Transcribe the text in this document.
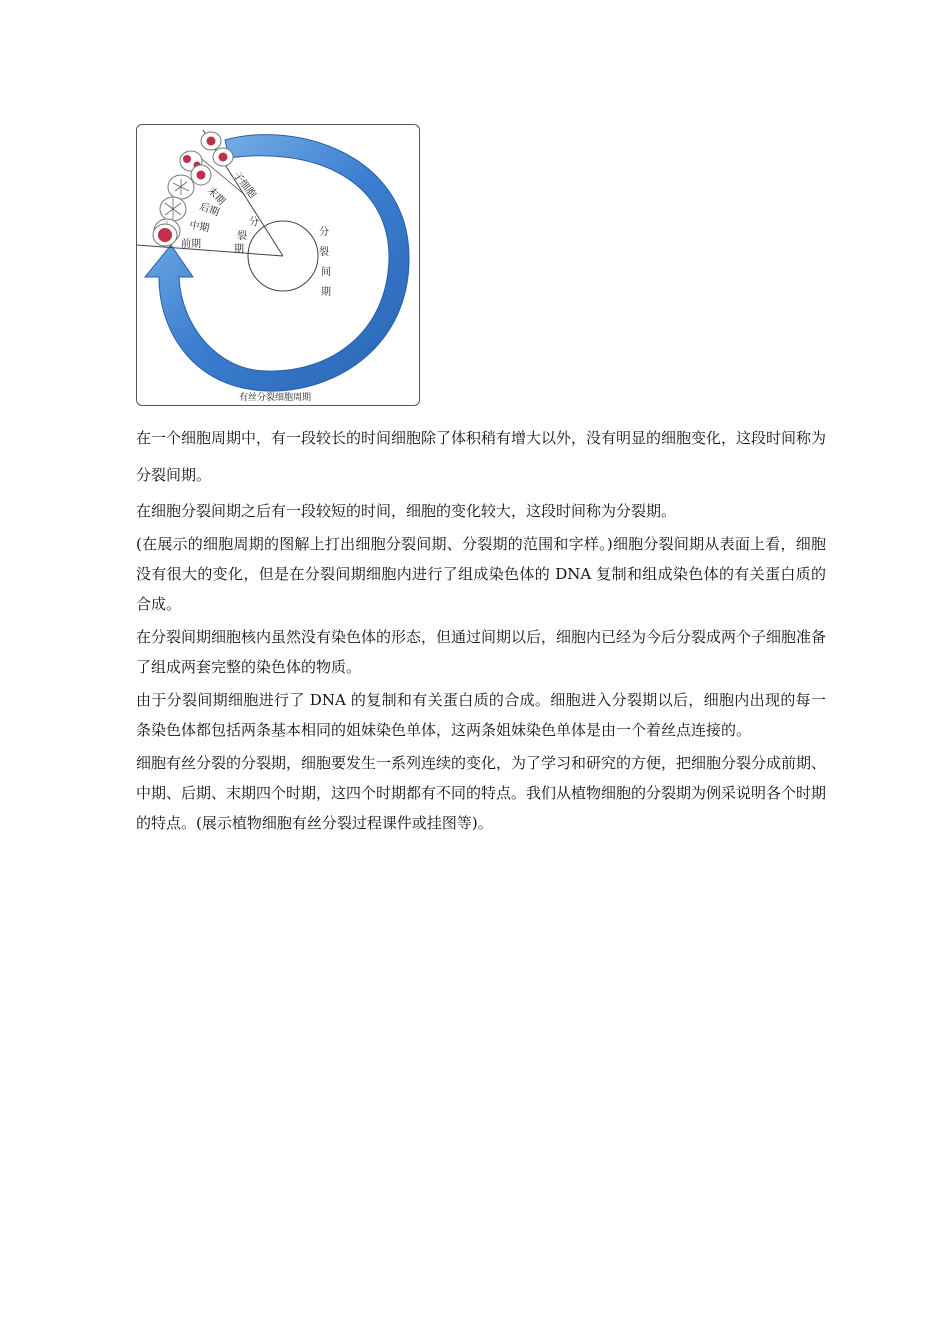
子细胞
末期
后期
中期
前期
分
裂
期
分
裂
间
期
有丝分裂细胞周期

在一个细胞周期中，有一段较长的时间细胞除了体积稍有增大以外，没有明显的细胞变化，这段时间称为分裂间期。

在细胞分裂间期之后有一段较短的时间，细胞的变化较大，这段时间称为分裂期。

(在展示的细胞周期的图解上打出细胞分裂间期、分裂期的范围和字样。)细胞分裂间期从表面上看，细胞没有很大的变化，但是在分裂间期细胞内进行了组成染色体的 DNA 复制和组成染色体的有关蛋白质的合成。

在分裂间期细胞核内虽然没有染色体的形态，但通过间期以后，细胞内已经为今后分裂成两个子细胞准备了组成两套完整的染色体的物质。

由于分裂间期细胞进行了 DNA 的复制和有关蛋白质的合成。细胞进入分裂期以后，细胞内出现的每一条染色体都包括两条基本相同的姐妹染色单体，这两条姐妹染色单体是由一个着丝点连接的。

细胞有丝分裂的分裂期，细胞要发生一系列连续的变化，为了学习和研究的方便，把细胞分裂分成前期、中期、后期、末期四个时期，这四个时期都有不同的特点。我们从植物细胞的分裂期为例采说明各个时期的特点。(展示植物细胞有丝分裂过程课件或挂图等)。
